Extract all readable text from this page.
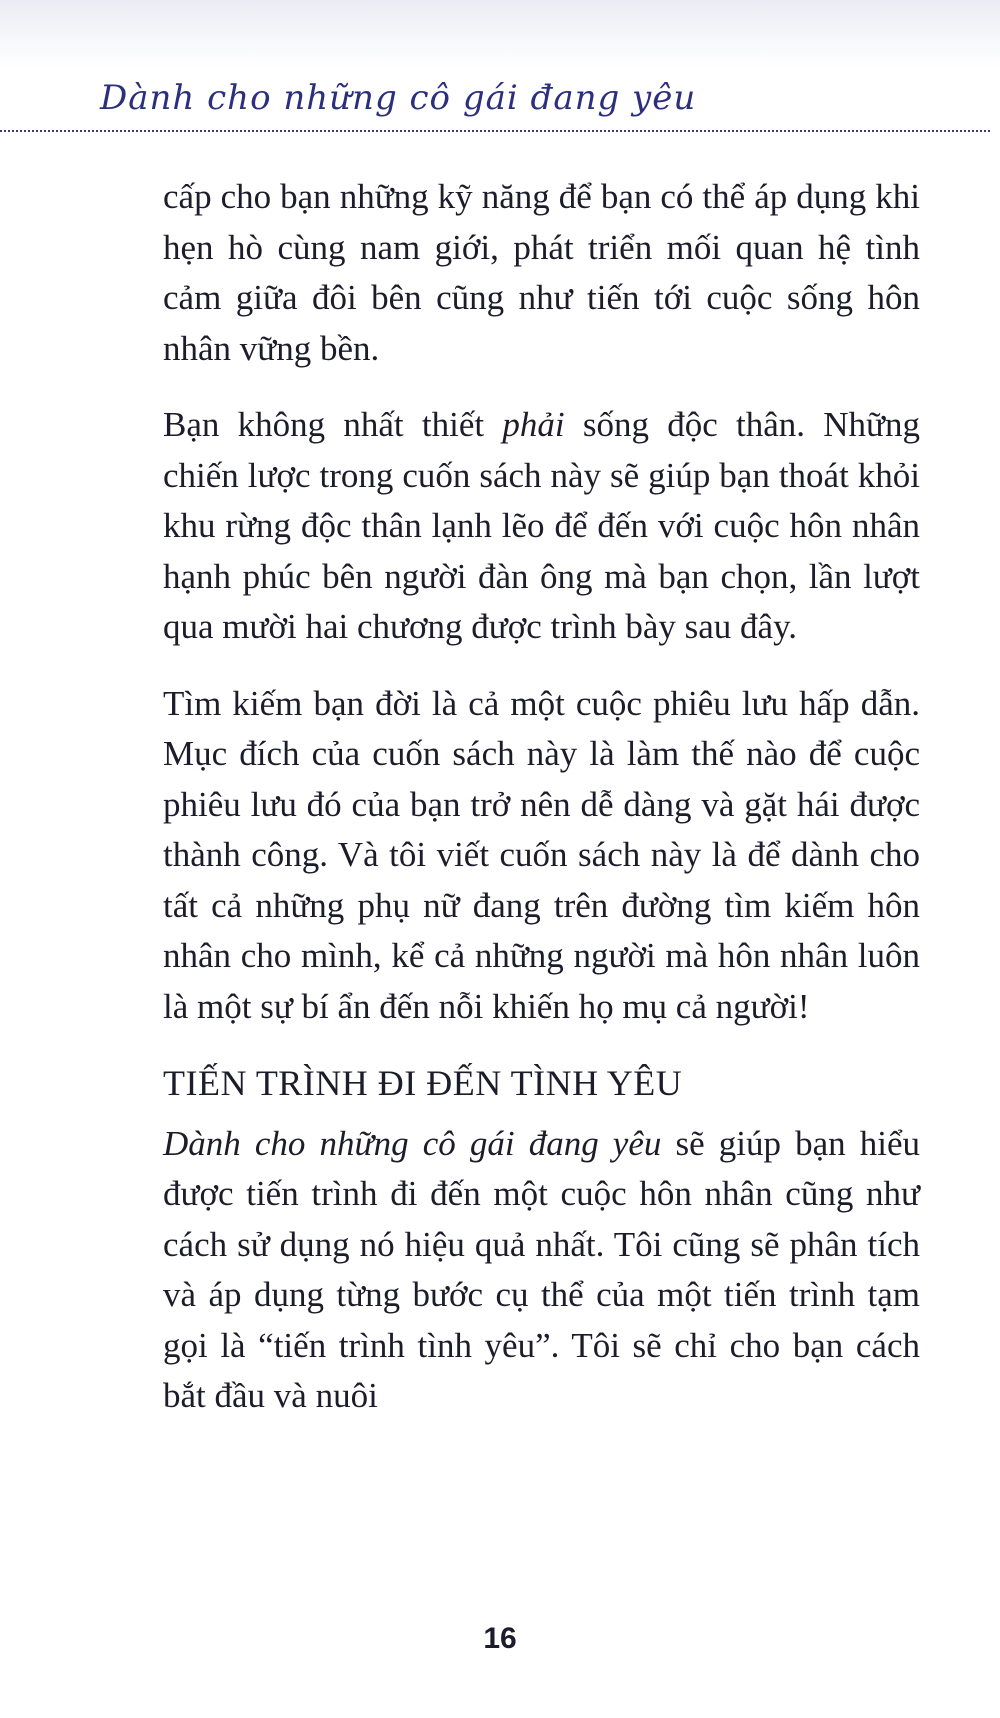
Dành cho những cô gái đang yêu

cấp cho bạn những kỹ năng để bạn có thể áp dụng khi hẹn hò cùng nam giới, phát triển mối quan hệ tình cảm giữa đôi bên cũng như tiến tới cuộc sống hôn nhân vững bền.

Bạn không nhất thiết phải sống độc thân. Những chiến lược trong cuốn sách này sẽ giúp bạn thoát khỏi khu rừng độc thân lạnh lẽo để đến với cuộc hôn nhân hạnh phúc bên người đàn ông mà bạn chọn, lần lượt qua mười hai chương được trình bày sau đây.

Tìm kiếm bạn đời là cả một cuộc phiêu lưu hấp dẫn. Mục đích của cuốn sách này là làm thế nào để cuộc phiêu lưu đó của bạn trở nên dễ dàng và gặt hái được thành công. Và tôi viết cuốn sách này là để dành cho tất cả những phụ nữ đang trên đường tìm kiếm hôn nhân cho mình, kể cả những người mà hôn nhân luôn là một sự bí ẩn đến nỗi khiến họ mụ cả người!

TIẾN TRÌNH ĐI ĐẾN TÌNH YÊU

Dành cho những cô gái đang yêu sẽ giúp bạn hiểu được tiến trình đi đến một cuộc hôn nhân cũng như cách sử dụng nó hiệu quả nhất. Tôi cũng sẽ phân tích và áp dụng từng bước cụ thể của một tiến trình tạm gọi là “tiến trình tình yêu”. Tôi sẽ chỉ cho bạn cách bắt đầu và nuôi

16
